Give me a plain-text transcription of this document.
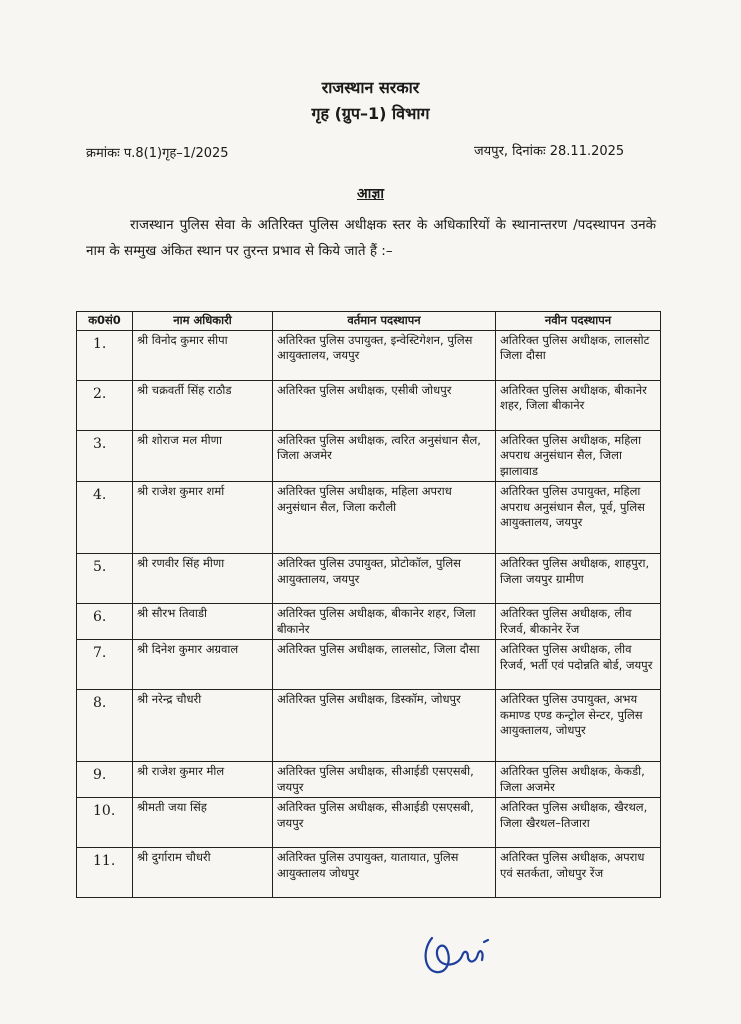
राजस्थान सरकार
गृह (ग्रुप–1) विभाग
क्रमांकः प.8(1)गृह–1/2025	जयपुर, दिनांकः 28.11.2025
आज्ञा

राजस्थान पुलिस सेवा के अतिरिक्त पुलिस अधीक्षक स्तर के अधिकारियों के स्थानान्तरण /पदस्थापन उनके नाम के सम्मुख अंकित स्थान पर तुरन्त प्रभाव से किये जाते हैं :–

क0सं0	नाम अधिकारी	वर्तमान पदस्थापन	नवीन पदस्थापन
1.	श्री विनोद कुमार सीपा	अतिरिक्त पुलिस उपायुक्त, इन्वेस्टिगेशन, पुलिस आयुक्तालय, जयपुर	अतिरिक्त पुलिस अधीक्षक, लालसोट जिला दौसा
2.	श्री चक्रवर्ती सिंह राठौड	अतिरिक्त पुलिस अधीक्षक, एसीबी जोधपुर	अतिरिक्त पुलिस अधीक्षक, बीकानेर शहर, जिला बीकानेर
3.	श्री शोराज मल मीणा	अतिरिक्त पुलिस अधीक्षक, त्वरित अनुसंधान सैल, जिला अजमेर	अतिरिक्त पुलिस अधीक्षक, महिला अपराध अनुसंधान सैल, जिला झालावाड
4.	श्री राजेश कुमार शर्मा	अतिरिक्त पुलिस अधीक्षक, महिला अपराध अनुसंधान सैल, जिला करौली	अतिरिक्त पुलिस उपायुक्त, महिला अपराध अनुसंधान सैल, पूर्व, पुलिस आयुक्तालय, जयपुर
5.	श्री रणवीर सिंह मीणा	अतिरिक्त पुलिस उपायुक्त, प्रोटोकॉल, पुलिस आयुक्तालय, जयपुर	अतिरिक्त पुलिस अधीक्षक, शाहपुरा, जिला जयपुर ग्रामीण
6.	श्री सौरभ तिवाडी	अतिरिक्त पुलिस अधीक्षक, बीकानेर शहर, जिला बीकानेर	अतिरिक्त पुलिस अधीक्षक, लीव रिजर्व, बीकानेर रेंज
7.	श्री दिनेश कुमार अग्रवाल	अतिरिक्त पुलिस अधीक्षक, लालसोट, जिला दौसा	अतिरिक्त पुलिस अधीक्षक, लीव रिजर्व, भर्ती एवं पदोन्नति बोर्ड, जयपुर
8.	श्री नरेन्द्र चौधरी	अतिरिक्त पुलिस अधीक्षक, डिस्कॉम, जोधपुर	अतिरिक्त पुलिस उपायुक्त, अभय कमाण्ड एण्ड कन्ट्रोल सेन्टर, पुलिस आयुक्तालय, जोधपुर
9.	श्री राजेश कुमार मील	अतिरिक्त पुलिस अधीक्षक, सीआईडी एसएसबी, जयपुर	अतिरिक्त पुलिस अधीक्षक, केकडी, जिला अजमेर
10.	श्रीमती जया सिंह	अतिरिक्त पुलिस अधीक्षक, सीआईडी एसएसबी, जयपुर	अतिरिक्त पुलिस अधीक्षक, खैरथल, जिला खैरथल–तिजारा
11.	श्री दुर्गाराम चौधरी	अतिरिक्त पुलिस उपायुक्त, यातायात, पुलिस आयुक्तालय जोधपुर	अतिरिक्त पुलिस अधीक्षक, अपराध एवं सतर्कता, जोधपुर रेंज
